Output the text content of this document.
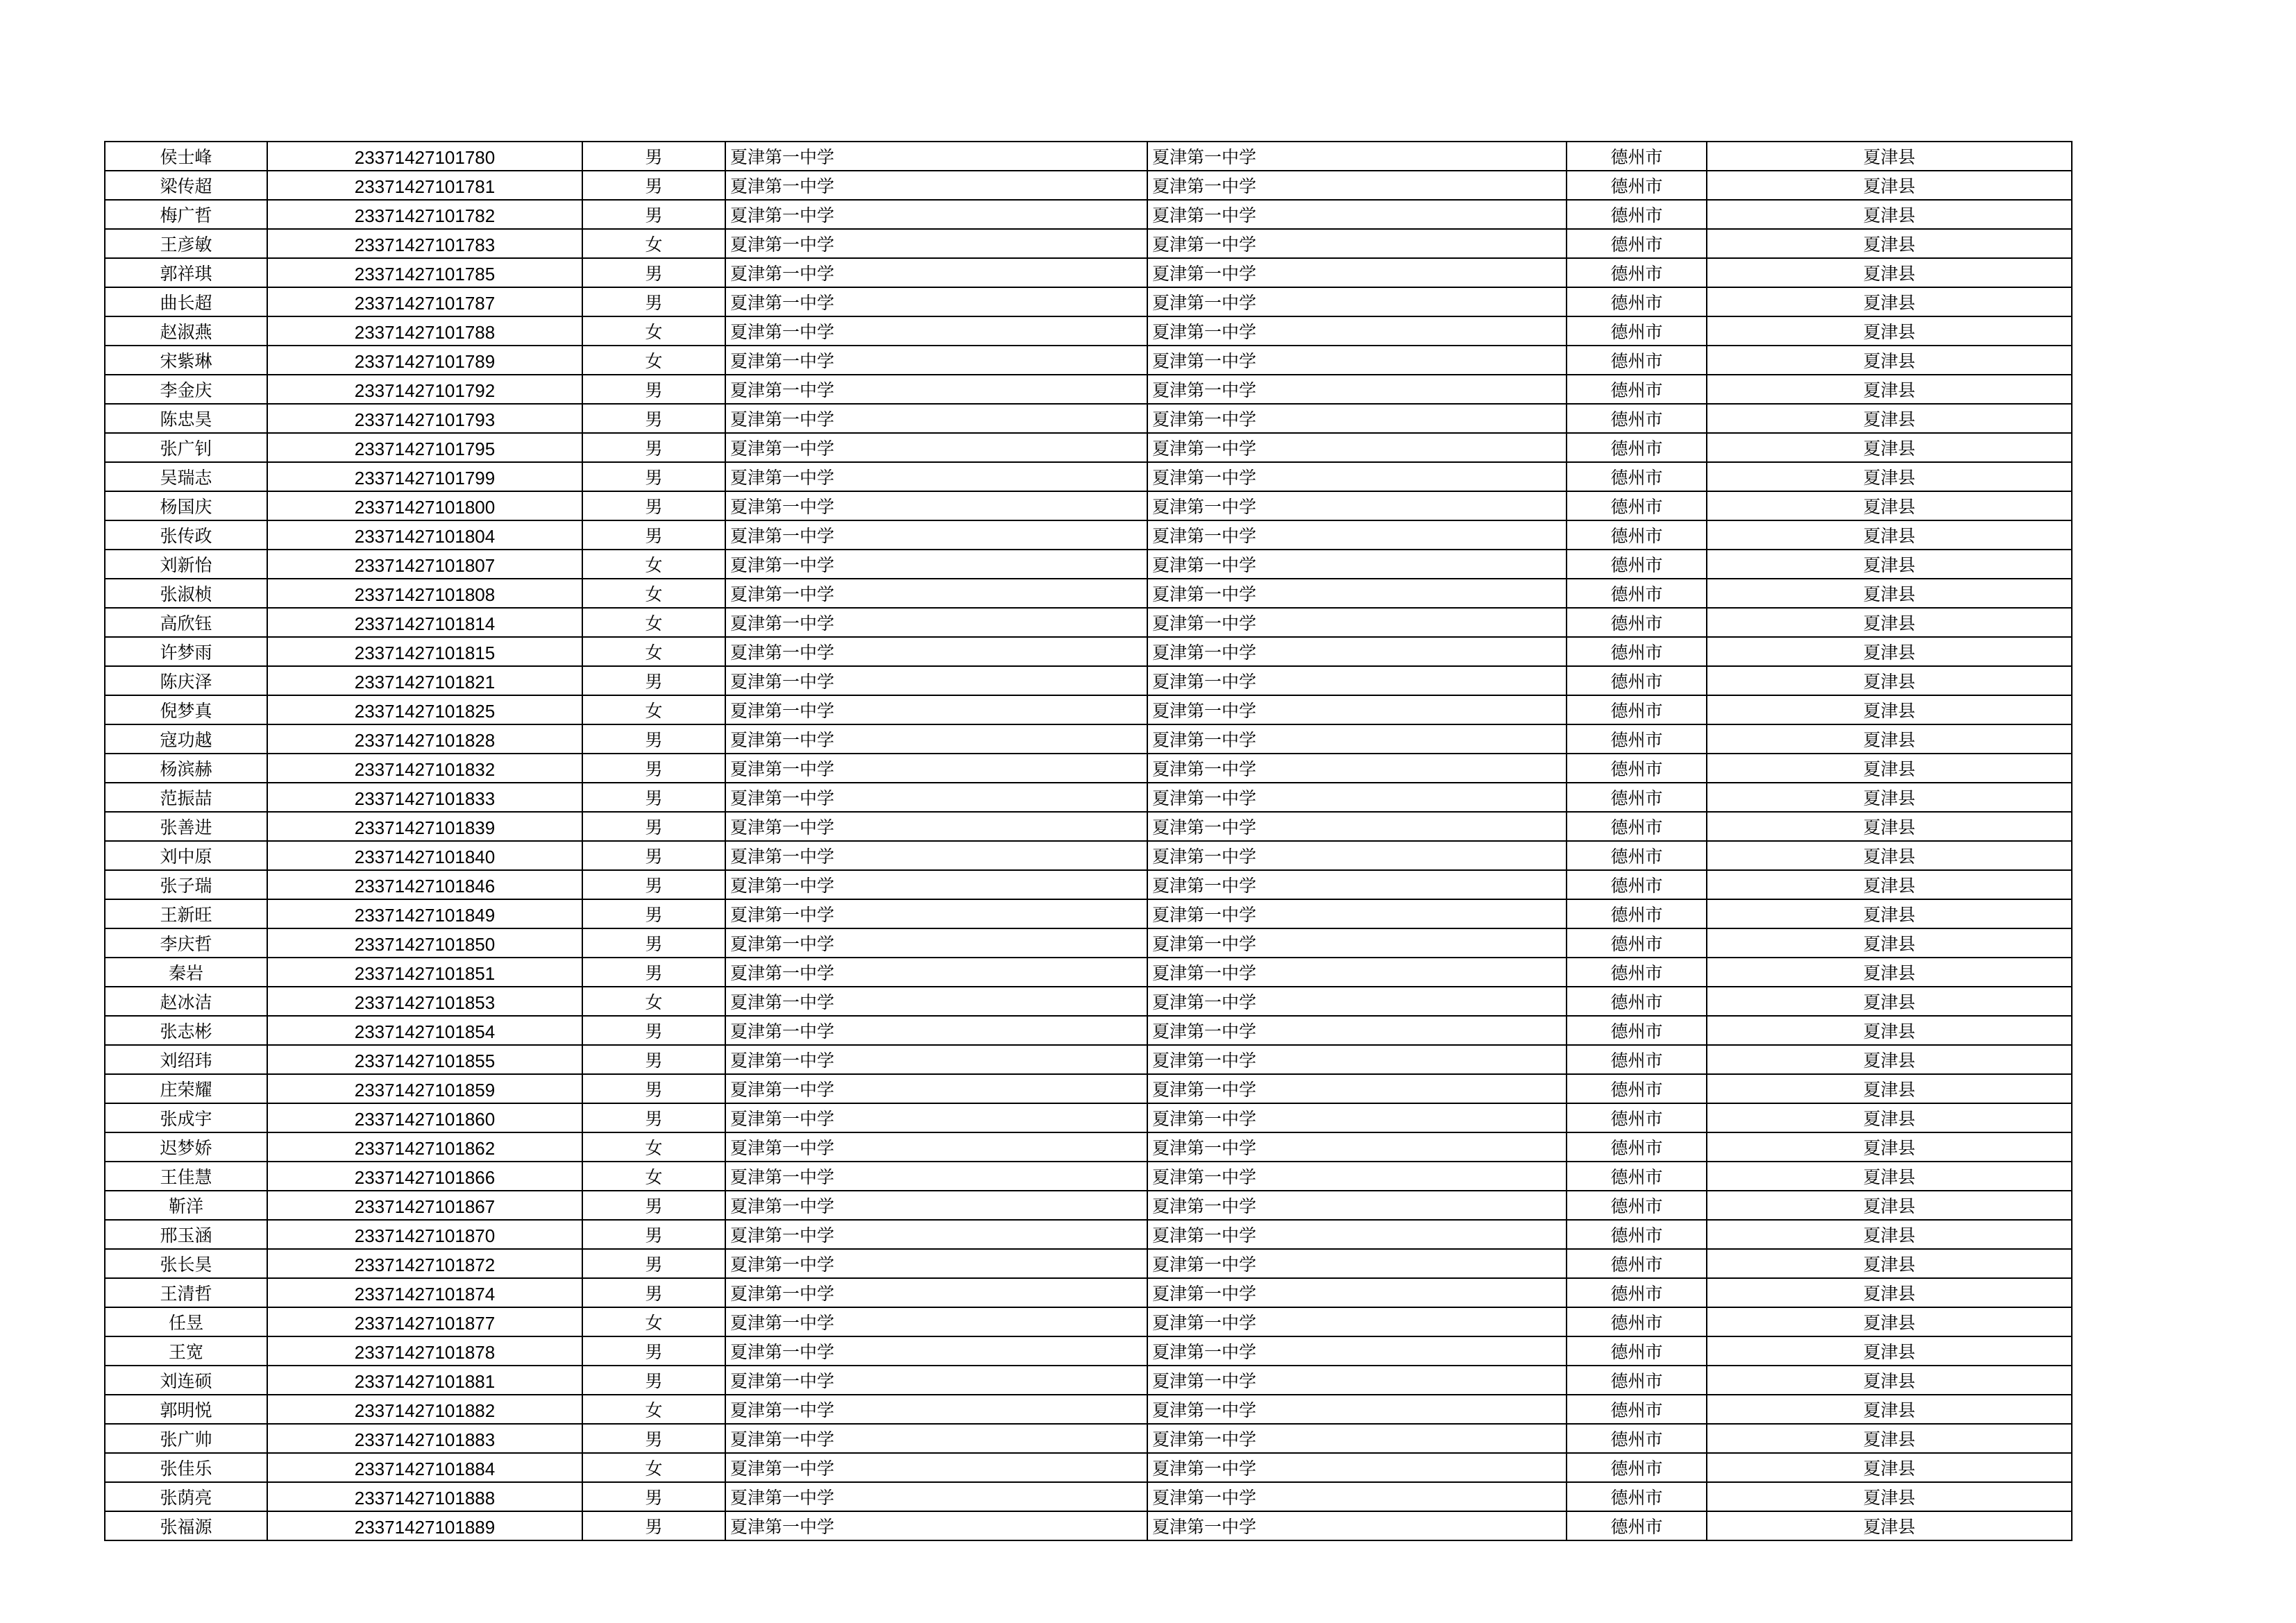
侯士峰	23371427101780	男	夏津第一中学	夏津第一中学	德州市	夏津县
梁传超	23371427101781	男	夏津第一中学	夏津第一中学	德州市	夏津县
梅广哲	23371427101782	男	夏津第一中学	夏津第一中学	德州市	夏津县
王彦敏	23371427101783	女	夏津第一中学	夏津第一中学	德州市	夏津县
郭祥琪	23371427101785	男	夏津第一中学	夏津第一中学	德州市	夏津县
曲长超	23371427101787	男	夏津第一中学	夏津第一中学	德州市	夏津县
赵淑燕	23371427101788	女	夏津第一中学	夏津第一中学	德州市	夏津县
宋紫琳	23371427101789	女	夏津第一中学	夏津第一中学	德州市	夏津县
李金庆	23371427101792	男	夏津第一中学	夏津第一中学	德州市	夏津县
陈忠昊	23371427101793	男	夏津第一中学	夏津第一中学	德州市	夏津县
张广钊	23371427101795	男	夏津第一中学	夏津第一中学	德州市	夏津县
吴瑞志	23371427101799	男	夏津第一中学	夏津第一中学	德州市	夏津县
杨国庆	23371427101800	男	夏津第一中学	夏津第一中学	德州市	夏津县
张传政	23371427101804	男	夏津第一中学	夏津第一中学	德州市	夏津县
刘新怡	23371427101807	女	夏津第一中学	夏津第一中学	德州市	夏津县
张淑桢	23371427101808	女	夏津第一中学	夏津第一中学	德州市	夏津县
高欣钰	23371427101814	女	夏津第一中学	夏津第一中学	德州市	夏津县
许梦雨	23371427101815	女	夏津第一中学	夏津第一中学	德州市	夏津县
陈庆泽	23371427101821	男	夏津第一中学	夏津第一中学	德州市	夏津县
倪梦真	23371427101825	女	夏津第一中学	夏津第一中学	德州市	夏津县
寇功越	23371427101828	男	夏津第一中学	夏津第一中学	德州市	夏津县
杨滨赫	23371427101832	男	夏津第一中学	夏津第一中学	德州市	夏津县
范振喆	23371427101833	男	夏津第一中学	夏津第一中学	德州市	夏津县
张善进	23371427101839	男	夏津第一中学	夏津第一中学	德州市	夏津县
刘中原	23371427101840	男	夏津第一中学	夏津第一中学	德州市	夏津县
张子瑞	23371427101846	男	夏津第一中学	夏津第一中学	德州市	夏津县
王新旺	23371427101849	男	夏津第一中学	夏津第一中学	德州市	夏津县
李庆哲	23371427101850	男	夏津第一中学	夏津第一中学	德州市	夏津县
秦岩	23371427101851	男	夏津第一中学	夏津第一中学	德州市	夏津县
赵冰洁	23371427101853	女	夏津第一中学	夏津第一中学	德州市	夏津县
张志彬	23371427101854	男	夏津第一中学	夏津第一中学	德州市	夏津县
刘绍玮	23371427101855	男	夏津第一中学	夏津第一中学	德州市	夏津县
庄荣耀	23371427101859	男	夏津第一中学	夏津第一中学	德州市	夏津县
张成宇	23371427101860	男	夏津第一中学	夏津第一中学	德州市	夏津县
迟梦娇	23371427101862	女	夏津第一中学	夏津第一中学	德州市	夏津县
王佳慧	23371427101866	女	夏津第一中学	夏津第一中学	德州市	夏津县
靳洋	23371427101867	男	夏津第一中学	夏津第一中学	德州市	夏津县
邢玉涵	23371427101870	男	夏津第一中学	夏津第一中学	德州市	夏津县
张长昊	23371427101872	男	夏津第一中学	夏津第一中学	德州市	夏津县
王清哲	23371427101874	男	夏津第一中学	夏津第一中学	德州市	夏津县
任昱	23371427101877	女	夏津第一中学	夏津第一中学	德州市	夏津县
王宽	23371427101878	男	夏津第一中学	夏津第一中学	德州市	夏津县
刘连硕	23371427101881	男	夏津第一中学	夏津第一中学	德州市	夏津县
郭明悦	23371427101882	女	夏津第一中学	夏津第一中学	德州市	夏津县
张广帅	23371427101883	男	夏津第一中学	夏津第一中学	德州市	夏津县
张佳乐	23371427101884	女	夏津第一中学	夏津第一中学	德州市	夏津县
张荫亮	23371427101888	男	夏津第一中学	夏津第一中学	德州市	夏津县
张福源	23371427101889	男	夏津第一中学	夏津第一中学	德州市	夏津县
